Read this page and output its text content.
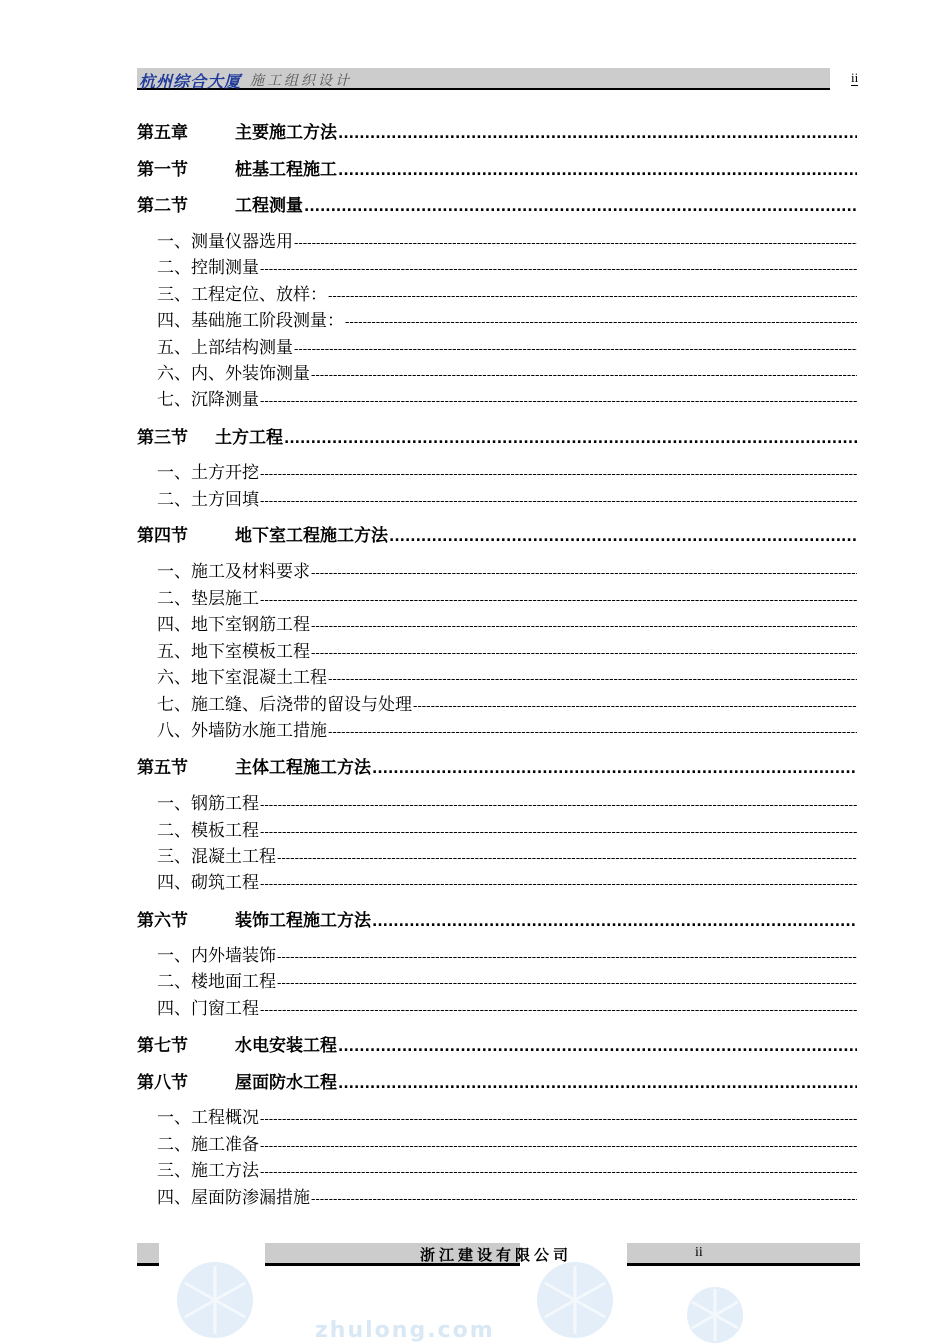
杭州综合大厦 施工组织设计	ii
第五章	主要施工方法
.....
第一节	桩基工程施工
.....
第二节	工程测量
.....
一、测量仪器选用
-----
二、控制测量
-----
三、工程定位、放样：
-----
四、基础施工阶段测量：
-----
五、上部结构测量
-----
六、内、外装饰测量
-----
七、沉降测量
-----
第三节	土方工程
.....
一、土方开挖
-----
二、土方回填
-----
第四节	地下室工程施工方法
.....
一、施工及材料要求
-----
二、垫层施工
-----
四、地下室钢筋工程
-----
五、地下室模板工程
-----
六、地下室混凝土工程
-----
七、施工缝、后浇带的留设与处理
-----
八、外墙防水施工措施
-----
第五节	主体工程施工方法
.....
一、钢筋工程
-----
二、模板工程
-----
三、混凝土工程
-----
四、砌筑工程
-----
第六节	装饰工程施工方法
.....
一、内外墙装饰
-----
二、楼地面工程
-----
四、门窗工程
-----
第七节	水电安装工程
.....
第八节	屋面防水工程
.....
一、工程概况
-----
二、施工准备
-----
三、施工方法
-----
四、屋面防渗漏措施
-----
浙江建设有限公司	ii
zhulong.com
